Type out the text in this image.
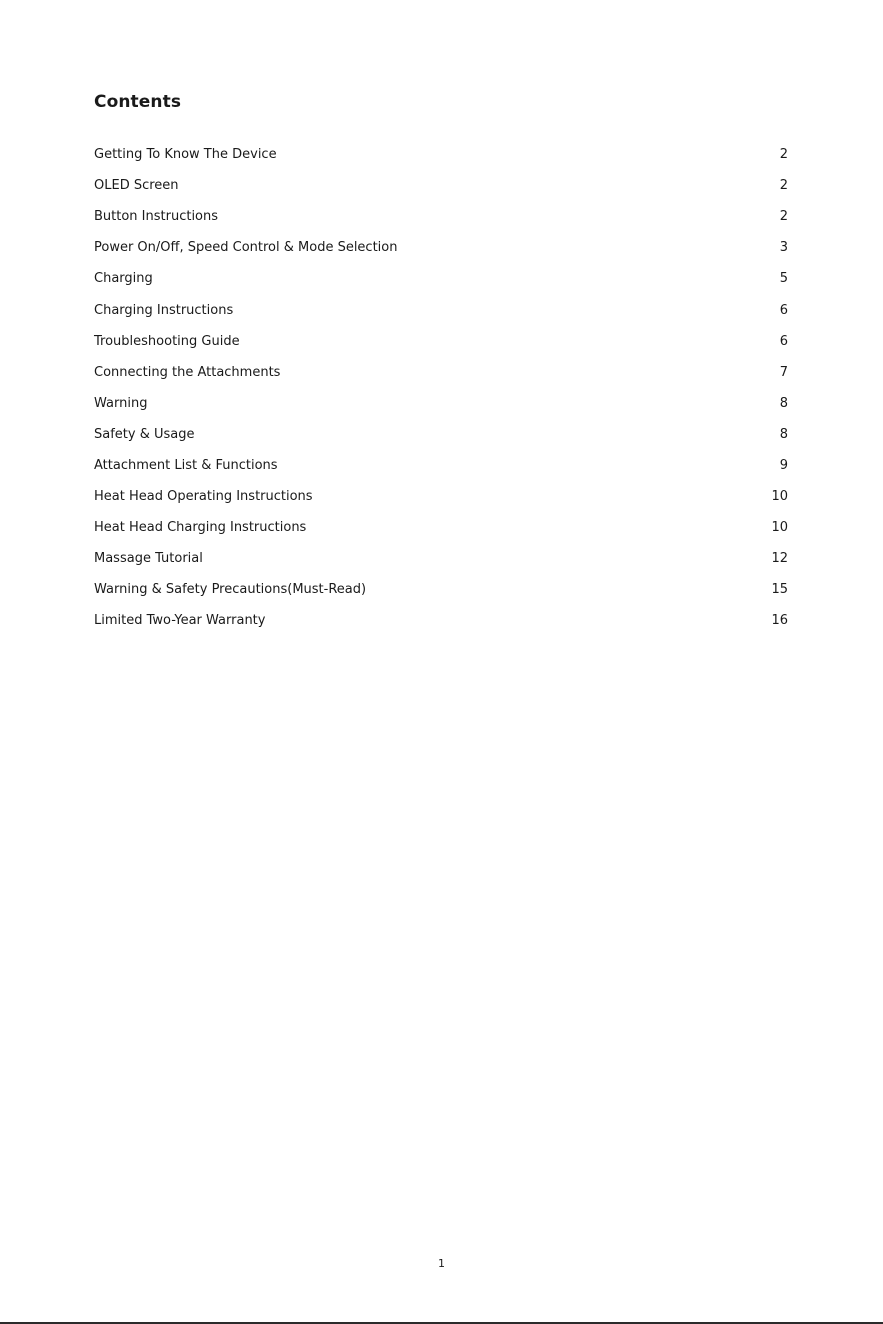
Contents
Getting To Know The Device	2
OLED Screen	2
Button Instructions	2
Power On/Off, Speed Control & Mode Selection	3
Charging	5
Charging Instructions	6
Troubleshooting Guide	6
Connecting the Attachments	7
Warning	8
Safety & Usage	8
Attachment List & Functions	9
Heat Head Operating Instructions	10
Heat Head Charging Instructions	10
Massage Tutorial	12
Warning & Safety Precautions(Must-Read)	15
Limited Two-Year Warranty	16
1
